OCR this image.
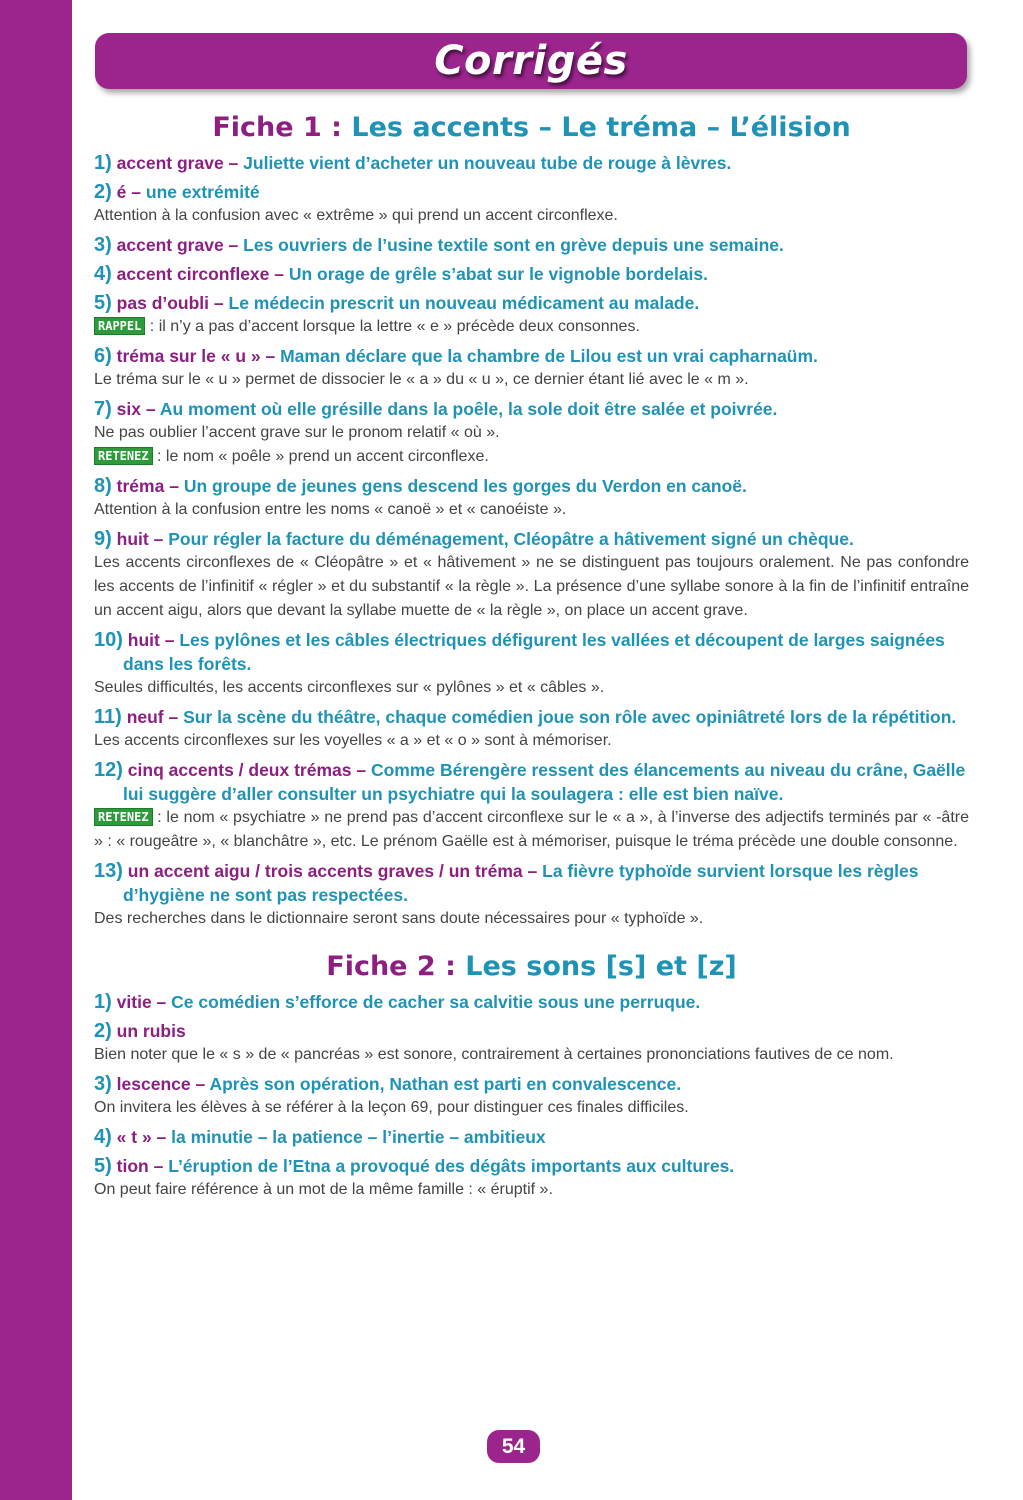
Corrigés
Fiche 1 : Les accents – Le tréma – L’élision
1) accent grave – Juliette vient d’acheter un nouveau tube de rouge à lèvres.
2) é – une extrémité
Attention à la confusion avec « extrême » qui prend un accent circonflexe.
3) accent grave – Les ouvriers de l’usine textile sont en grève depuis une semaine.
4) accent circonflexe – Un orage de grêle s’abat sur le vignoble bordelais.
5) pas d’oubli – Le médecin prescrit un nouveau médicament au malade.
RAPPEL : il n’y a pas d’accent lorsque la lettre « e » précède deux consonnes.
6) tréma sur le « u » – Maman déclare que la chambre de Lilou est un vrai capharnaüm.
Le tréma sur le « u » permet de dissocier le « a » du « u », ce dernier étant lié avec le « m ».
7) six – Au moment où elle grésille dans la poêle, la sole doit être salée et poivrée.
Ne pas oublier l’accent grave sur le pronom relatif « où ».
RETENEZ : le nom « poêle » prend un accent circonflexe.
8) tréma – Un groupe de jeunes gens descend les gorges du Verdon en canoë.
Attention à la confusion entre les noms « canoë » et « canoéiste ».
9) huit – Pour régler la facture du déménagement, Cléopâtre a hâtivement signé un chèque.
Les accents circonflexes de « Cléopâtre » et « hâtivement » ne se distinguent pas toujours oralement. Ne pas confondre les accents de l’infinitif « régler » et du substantif « la règle ». La présence d’une syllabe sonore à la fin de l’infinitif entraîne un accent aigu, alors que devant la syllabe muette de « la règle », on place un accent grave.
10) huit – Les pylônes et les câbles électriques défigurent les vallées et découpent de larges saignées dans les forêts.
Seules difficultés, les accents circonflexes sur « pylônes » et « câbles ».
11) neuf – Sur la scène du théâtre, chaque comédien joue son rôle avec opiniâtreté lors de la répétition.
Les accents circonflexes sur les voyelles « a » et « o » sont à mémoriser.
12) cinq accents / deux trémas – Comme Bérengère ressent des élancements au niveau du crâne, Gaëlle lui suggère d’aller consulter un psychiatre qui la soulagera : elle est bien naïve.
RETENEZ : le nom « psychiatre » ne prend pas d’accent circonflexe sur le « a », à l’inverse des adjectifs terminés par « -âtre » : « rougeâtre », « blanchâtre », etc. Le prénom Gaëlle est à mémoriser, puisque le tréma précède une double consonne.
13) un accent aigu / trois accents graves / un tréma – La fièvre typhoïde survient lorsque les règles d’hygiène ne sont pas respectées.
Des recherches dans le dictionnaire seront sans doute nécessaires pour « typhoïde ».
Fiche 2 : Les sons [s] et [z]
1) vitie – Ce comédien s’efforce de cacher sa calvitie sous une perruque.
2) un rubis
Bien noter que le « s » de « pancréas » est sonore, contrairement à certaines prononciations fautives de ce nom.
3) lescence – Après son opération, Nathan est parti en convalescence.
On invitera les élèves à se référer à la leçon 69, pour distinguer ces finales difficiles.
4) « t » – la minutie – la patience – l’inertie – ambitieux
5) tion – L’éruption de l’Etna a provoqué des dégâts importants aux cultures.
On peut faire référence à un mot de la même famille : « éruptif ».
54
